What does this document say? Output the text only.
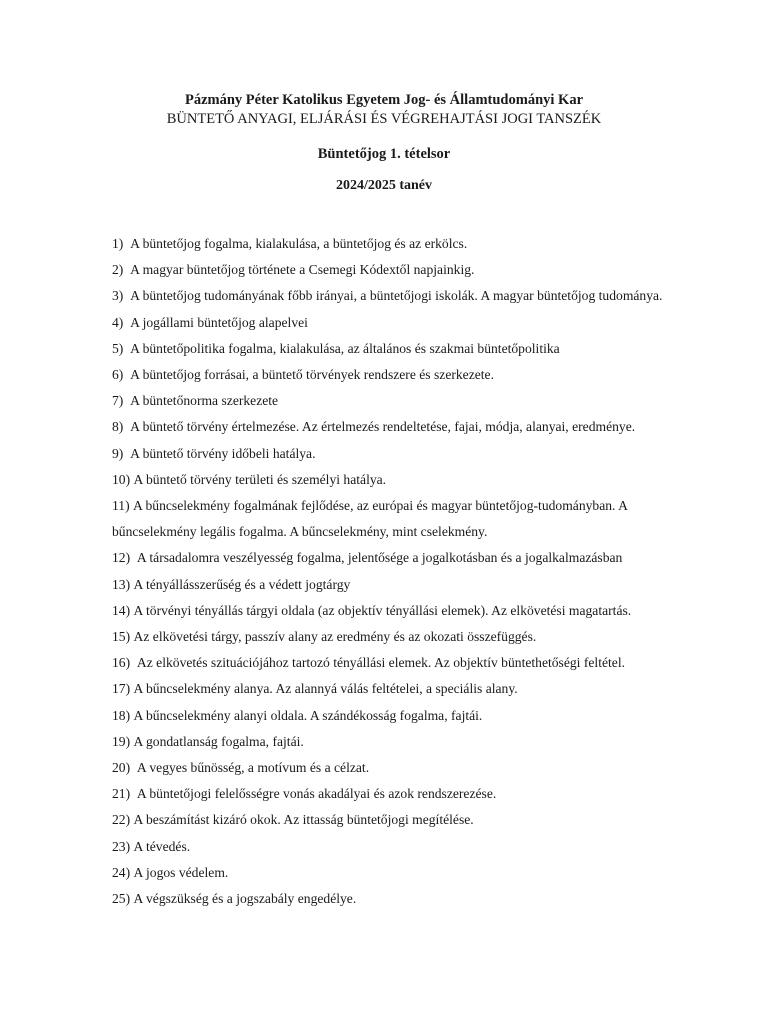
Pázmány Péter Katolikus Egyetem Jog- és Államtudományi Kar
BÜNTETŐ ANYAGI, ELJÁRÁSI ÉS VÉGREHAJTÁSI JOGI TANSZÉK
Büntetőjog 1. tételsor
2024/2025 tanév
1) A büntetőjog fogalma, kialakulása, a büntetőjog és az erkölcs.
2) A magyar büntetőjog története a Csemegi Kódextől napjainkig.
3) A büntetőjog tudományának főbb irányai, a büntetőjogi iskolák. A magyar büntetőjog tudománya.
4) A jogállami büntetőjog alapelvei
5) A büntetőpolitika fogalma, kialakulása, az általános és szakmai büntetőpolitika
6) A büntetőjog forrásai, a büntető törvények rendszere és szerkezete.
7) A büntetőnorma szerkezete
8) A büntető törvény értelmezése. Az értelmezés rendeltetése, fajai, módja, alanyai, eredménye.
9) A büntető törvény időbeli hatálya.
10) A büntető törvény területi és személyi hatálya.
11) A bűncselekmény fogalmának fejlődése, az európai és magyar büntetőjog-tudományban. A bűncselekmény legális fogalma. A bűncselekmény, mint cselekmény.
12) A társadalomra veszélyesség fogalma, jelentősége a jogalkotásban és a jogalkalmazásban
13) A tényállásszerűség és a védett jogtárgy
14) A törvényi tényállás tárgyi oldala (az objektív tényállási elemek). Az elkövetési magatartás.
15) Az elkövetési tárgy, passzív alany az eredmény és az okozati összefüggés.
16) Az elkövetés szituációjához tartozó tényállási elemek. Az objektív büntethetőségi feltétel.
17) A bűncselekmény alanya. Az alannyá válás feltételei, a speciális alany.
18) A bűncselekmény alanyi oldala. A szándékosság fogalma, fajtái.
19) A gondatlanság fogalma, fajtái.
20) A vegyes bűnösség, a motívum és a célzat.
21) A büntetőjogi felelősségre vonás akadályai és azok rendszerezése.
22) A beszámítást kizáró okok. Az ittasság büntetőjogi megítélése.
23) A tévedés.
24) A jogos védelem.
25) A végszükség és a jogszabály engedélye.
